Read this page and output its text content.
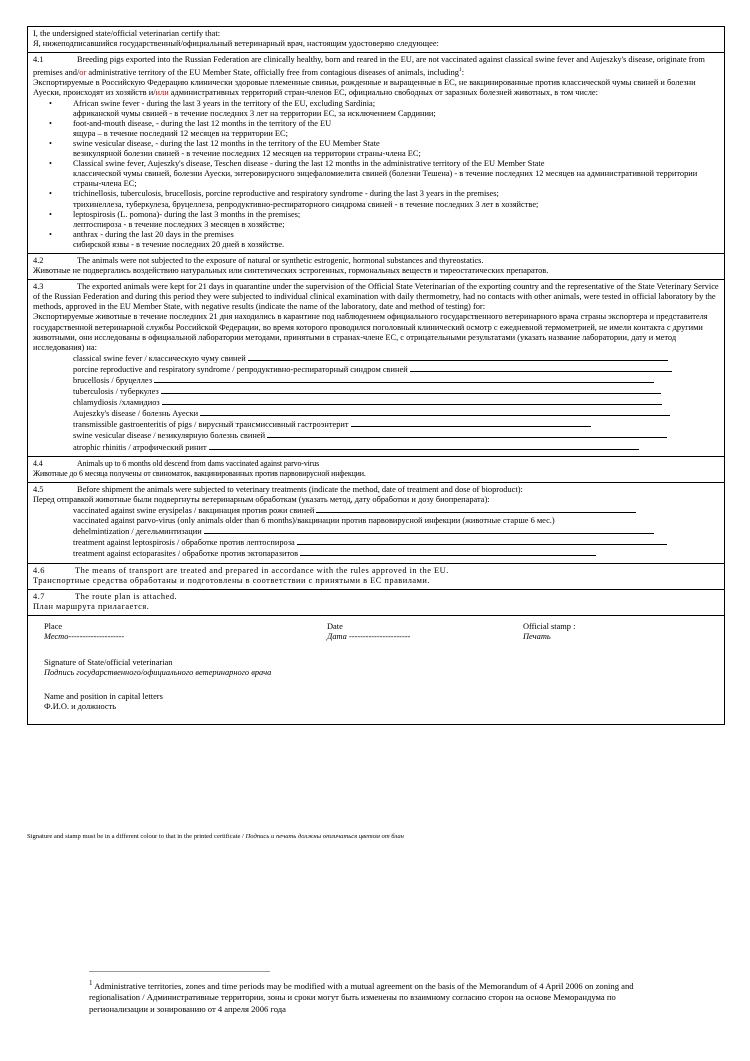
I, the undersigned state/official veterinarian certify that:

Я, нижеподписавшийся государственный/официальный ветеринарный врач, настоящим удостоверяю следующее:

4.1	Breeding pigs exported into the Russian Federation are clinically healthy, born and reared in the EU, are not vaccinated against classical swine fever and Aujeszky's disease, originate from premises and/or administrative territory of the EU Member State, officially free from contagious diseases of animals, including$^1$:

Экспортируемые в Российскую Федерацию клинически здоровые племенные свиньи, рожденные и выращенные в ЕС, не вакцинированные против классической чумы свиней и болезни Ауески, происходят из хозяйств и/или административных территорий стран-членов ЕС, официально свободных от заразных болезней животных, в том числе:

• African swine fever - during the last 3 years in the territory of the EU, excluding Sardinia;
африканской чумы свиней - в течение последних 3 лет на территории ЕС, за исключением Сардинии;
• foot-and-mouth disease, - during the last 12 months in the territory of the EU
ящура – в течение последний 12 месяцев на территории ЕС;
• swine vesicular disease, - during the last 12 months in the territory of the EU Member State
везикулярной болезни свиней - в течение последних 12 месяцев на территории страны-члена ЕС;
• Classical swine fever, Aujeszky's disease, Teschen disease - during the last 12 months in the administrative territory of the EU Member State
классической чумы свиней, болезни Ауески, энтеровирусного энцефаломиелита свиней (болезни Тешена) - в течение последних 12 месяцев на административной территории страны-члена ЕС;
• trichinellosis, tuberculosis, brucellosis, porcine reproductive and respiratory syndrome - during the last 3 years in the premises;
трихинеллеза, туберкулеза, бруцеллеза, репродуктивно-респираторного синдрома свиней - в течение последних 3 лет в хозяйстве;
• leptospirosis (L. pomona)- during the last 3 months in the premises;
лептоспироза - в течение последних 3 месяцев в хозяйстве;
• anthrax - during the last 20 days in the premises
сибирской язвы - в течение последних 20 дней в хозяйстве.

4.2	The animals were not subjected to the exposure of natural or synthetic estrogenic, hormonal substances and thyreostatics.

Животные не подвергались воздействию натуральных или синтетических эстрогенных, гормональных веществ и тиреостатических препаратов.

4.3	The exported animals were kept for 21 days in quarantine under the supervision of the Official State Veterinarian of the exporting country and the representative of the State Veterinary Service of the Russian Federation and during this period they were subjected to individual clinical examination with daily thermometry, had no contacts with other animals, were tested in official laboratory by the methods, approved in the EU Member State, with negative results (indicate the name of the laboratory, date and method of testing) for:

Экспортируемые животные в течение последних 21 дня находились в карантине под наблюдением официального государственного ветеринарного врача страны экспортера и представителя государственной ветеринарной службы Российской Федерации, во время которого проводился поголовный клинический осмотр с ежедневной термометрией, не имели контакта с другими животными, они исследованы в официальной лаборатории методами, принятыми в странах-члене ЕС, с отрицательными результатами (указать название лаборатории, дату и метод исследования) на:

• classical swine fever / классическую чуму свиней
• porcine reproductive and respiratory syndrome / репродуктивно-респираторный синдром свиней
• brucellosis / бруцеллез
• tuberculosis / туберкулез
• chlamydiosis /хламидиоз
• Aujeszky's disease / болезнь Ауески
• transmissible gastroenteritis of pigs / вирусный трансмиссивный гастроэнтерит
• swine vesicular disease / везикулярную болезнь свиней
• atrophic rhinitis / атрофический ринит

4.4	Animals up to 6 months old descend from dams vaccinated against parvo-virus

Животные до 6 месяца получены от свиноматок, вакцинированных против парвовирусной инфекции.

4.5	Before shipment the animals were subjected to veterinary treatments (indicate the method, date of treatment and dose of bioproduct):

Перед отправкой животные были подвергнуты ветеринарным обработкам (указать метод, дату обработки и дозу биопрепарата):

• vaccinated against swine erysipelas / вакцинация против рожи свиней
• vaccinated against parvo-virus (only animals older than 6 months)/вакцинации против парвовирусной инфекции (животные старше 6 мес.)
• dehelmintization / дегельминтизации
• treatment against leptospirosis / обработке против лептоспироза
• treatment against ectoparasites / обработке против эктопаразитов

4.6	The means of transport are treated and prepared in accordance with the rules approved in the EU.

Транспортные средства обработаны и подготовлены в соответствии с принятыми в ЕС правилами.

4.7	The route plan is attached.

План маршрута прилагается.

Place
Место--------------------
Date
Дата ----------------------
Official stamp :
Печать
Signature of State/official veterinarian
Подпись государственного/официального ветеринарного врача
Name and position in capital letters
Ф.И.О. и должность
Signature and stamp must be in a different colour to that in the printed certificate / Подпись и печать должны отличаться цветом от блан
$^1$ Administrative territories, zones and time periods may be modified with a mutual agreement on the basis of the Memorandum of 4 April 2006 on zoning and regionalisation / Административные территории, зоны и сроки могут быть изменены по взаимному согласию сторон на основе Меморандума по регионализации и зонированию от 4 апреля 2006 года
